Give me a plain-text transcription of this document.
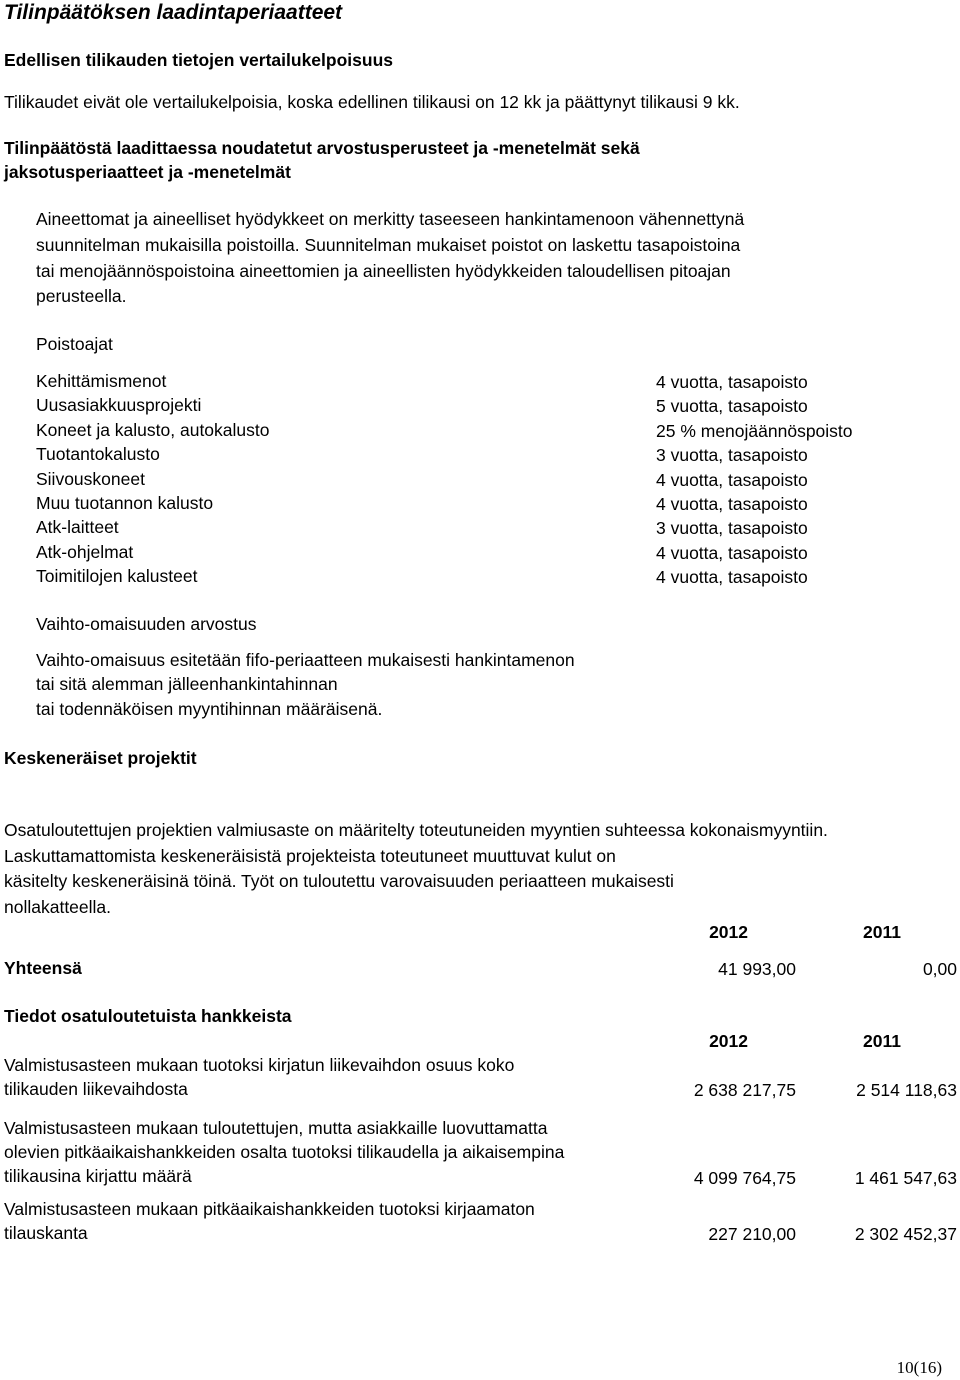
Tilinpäätöksen laadintaperiaatteet
Edellisen tilikauden tietojen vertailukelpoisuus
Tilikaudet eivät ole vertailukelpoisia, koska edellinen tilikausi on 12 kk ja päättynyt tilikausi 9 kk.
Tilinpäätöstä laadittaessa noudatetut arvostusperusteet ja -menetelmät sekä
jaksotusperiaatteet ja -menetelmät
Aineettomat ja aineelliset hyödykkeet on merkitty taseeseen hankintamenoon vähennettynä
suunnitelman mukaisilla poistoilla. Suunnitelman mukaiset poistot on laskettu tasapoistoina
tai menojäännöspoistoina aineettomien ja aineellisten hyödykkeiden taloudellisen pitoajan
perusteella.
Poistoajat
Kehittämismenot	4 vuotta, tasapoisto
Uusasiakkuusprojekti	5 vuotta, tasapoisto
Koneet ja kalusto, autokalusto	25 % menojäännöspoisto
Tuotantokalusto	3 vuotta, tasapoisto
Siivouskoneet	4 vuotta, tasapoisto
Muu tuotannon kalusto	4 vuotta, tasapoisto
Atk-laitteet	3 vuotta, tasapoisto
Atk-ohjelmat	4 vuotta, tasapoisto
Toimitilojen kalusteet	4 vuotta, tasapoisto
Vaihto-omaisuuden arvostus
Vaihto-omaisuus esitetään fifo-periaatteen mukaisesti hankintamenon
tai sitä alemman jälleenhankintahinnan
tai todennäköisen myyntihinnan määräisenä.
Keskeneräiset projektit
Osatuloutettujen projektien valmiusaste on määritelty toteutuneiden myyntien suhteessa kokonaismyyntiin.
Laskuttamattomista keskeneräisistä projekteista toteutuneet muuttuvat kulut on
käsitelty keskeneräisinä töinä. Työt on tuloutettu varovaisuuden periaatteen mukaisesti
nollakatteella.
2012	2011
Yhteensä	41 993,00	0,00
Tiedot osatuloutetuista hankkeista
2012	2011
Valmistusasteen mukaan tuotoksi kirjatun liikevaihdon osuus koko
tilikauden liikevaihdosta	2 638 217,75	2 514 118,63
Valmistusasteen mukaan tuloutettujen, mutta asiakkaille luovuttamatta
olevien pitkäaikaishankkeiden osalta tuotoksi tilikaudella ja aikaisempina
tilikausina kirjattu määrä	4 099 764,75	1 461 547,63
Valmistusasteen mukaan pitkäaikaishankkeiden tuotoksi kirjaamaton
tilauskanta	227 210,00	2 302 452,37
10(16)
